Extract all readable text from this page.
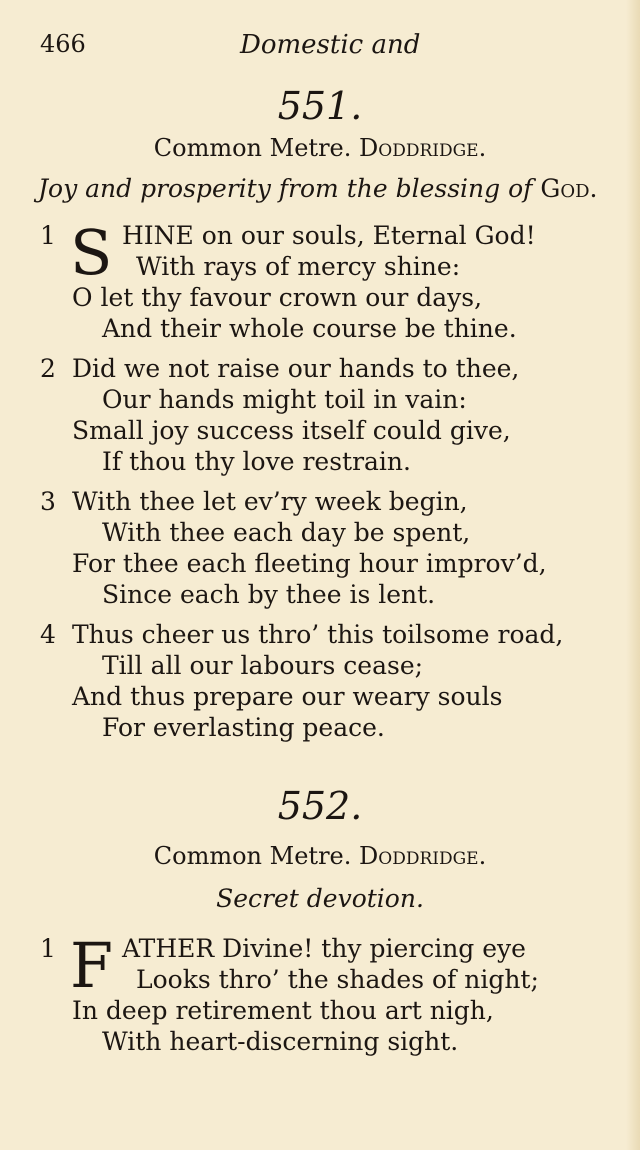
466	Domestic and
551.
Common Metre. Doddridge.
Joy and prosperity from the blessing of God.
1 S HINE on our souls, Eternal God!
With rays of mercy shine:
O let thy favour crown our days,
And their whole course be thine.
2 Did we not raise our hands to thee,
Our hands might toil in vain:
Small joy success itself could give,
If thou thy love restrain.
3 With thee let ev’ry week begin,
With thee each day be spent,
For thee each fleeting hour improv’d,
Since each by thee is lent.
4 Thus cheer us thro’ this toilsome road,
Till all our labours cease;
And thus prepare our weary souls
For everlasting peace.
552.
Common Metre. Doddridge.
Secret devotion.
1 F ATHER Divine! thy piercing eye
Looks thro’ the shades of night;
In deep retirement thou art nigh,
With heart-discerning sight.
